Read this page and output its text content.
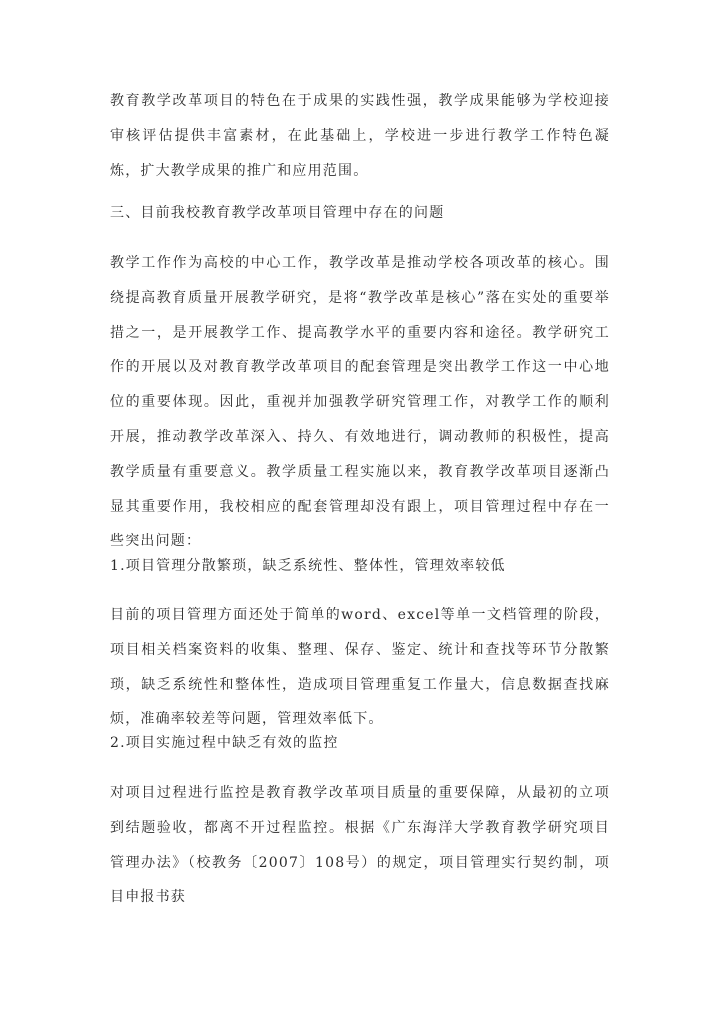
教育教学改革项目的特色在于成果的实践性强，教学成果能够为学校迎接审核评估提供丰富素材，在此基础上，学校进一步进行教学工作特色凝炼，扩大教学成果的推广和应用范围。

三、目前我校教育教学改革项目管理中存在的问题

教学工作作为高校的中心工作，教学改革是推动学校各项改革的核心。围绕提高教育质量开展教学研究，是将“教学改革是核心”落在实处的重要举措之一，是开展教学工作、提高教学水平的重要内容和途径。教学研究工作的开展以及对教育教学改革项目的配套管理是突出教学工作这一中心地位的重要体现。因此，重视并加强教学研究管理工作，对教学工作的顺利开展，推动教学改革深入、持久、有效地进行，调动教师的积极性，提高教学质量有重要意义。教学质量工程实施以来，教育教学改革项目逐渐凸显其重要作用，我校相应的配套管理却没有跟上，项目管理过程中存在一些突出问题：

1.项目管理分散繁琐，缺乏系统性、整体性，管理效率较低

目前的项目管理方面还处于简单的word、excel等单一文档管理的阶段，项目相关档案资料的收集、整理、保存、鉴定、统计和查找等环节分散繁琐，缺乏系统性和整体性，造成项目管理重复工作量大，信息数据查找麻烦，准确率较差等问题，管理效率低下。

2.项目实施过程中缺乏有效的监控

对项目过程进行监控是教育教学改革项目质量的重要保障，从最初的立项到结题验收，都离不开过程监控。根据《广东海洋大学教育教学研究项目管理办法》（校教务〔2007〕108号）的规定，项目管理实行契约制，项目申报书获
